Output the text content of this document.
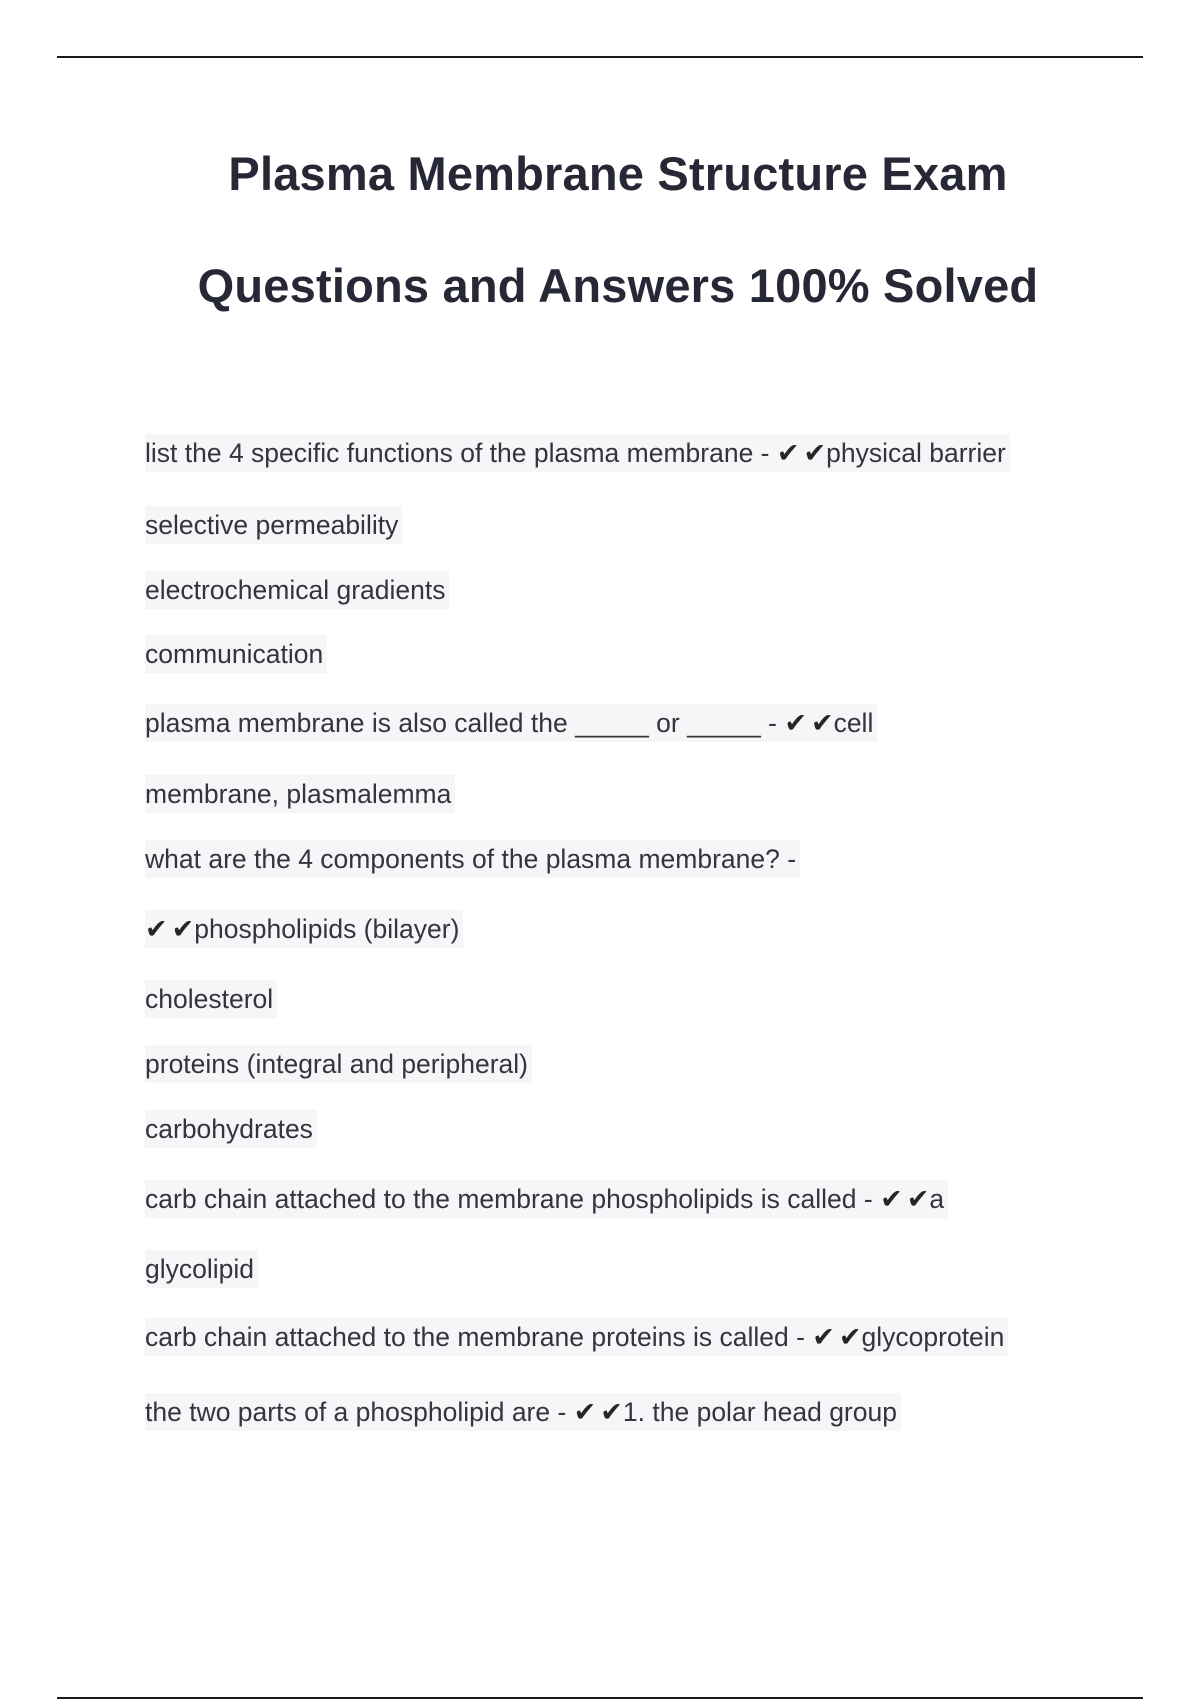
Plasma Membrane Structure Exam
Questions and Answers 100% Solved
list the 4 specific functions of the plasma membrane - ✔ ✔physical barrier
selective permeability
electrochemical gradients
communication
plasma membrane is also called the _____ or _____ - ✔ ✔cell
membrane, plasmalemma
what are the 4 components of the plasma membrane? -
✔ ✔phospholipids (bilayer)
cholesterol
proteins (integral and peripheral)
carbohydrates
carb chain attached to the membrane phospholipids is called - ✔ ✔a
glycolipid
carb chain attached to the membrane proteins is called - ✔ ✔glycoprotein
the two parts of a phospholipid are - ✔ ✔1. the polar head group
